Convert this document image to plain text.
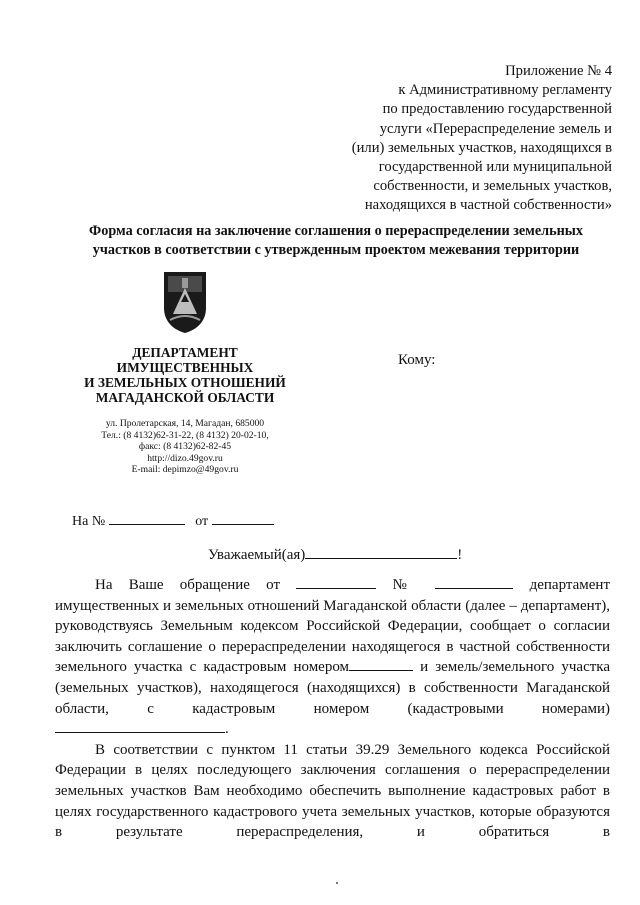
Приложение № 4
к Административному регламенту
по предоставлению государственной
услуги «Перераспределение земель и
(или) земельных участков, находящихся в
государственной или муниципальной
собственности, и земельных участков,
находящихся в частной собственности»
Форма согласия на заключение соглашения о перераспределении земельных
участков в соответствии с утвержденным проектом межевания территории
ДЕПАРТАМЕНТ
ИМУЩЕСТВЕННЫХ
И ЗЕМЕЛЬНЫХ ОТНОШЕНИЙ
МАГАДАНСКОЙ ОБЛАСТИ
ул. Пролетарская, 14, Магадан, 685000
Тел.: (8 4132)62-31-22, (8 4132) 20-02-10,
факс: (8 4132)62-82-45
http://dizo.49gov.ru
E-mail: depimzo@49gov.ru
Кому:
На №	от
Уважаемый(ая)	!

На Ваше обращение от	№	департамент имущественных и земельных отношений Магаданской области (далее – департамент), руководствуясь Земельным кодексом Российской Федерации, сообщает о согласии заключить соглашение о перераспределении находящегося в частной собственности земельного участка с кадастровым номером	и земель/земельного участка (земельных участков), находящегося (находящихся) в собственности Магаданской области, с кадастровым номером (кадастровыми номерами) .

В соответствии с пунктом 11 статьи 39.29 Земельного кодекса Российской Федерации в целях последующего заключения соглашения о перераспределении земельных участков Вам необходимо обеспечить выполнение кадастровых работ в целях государственного кадастрового учета земельных участков, которые образуются в результате перераспределения, и обратиться в
